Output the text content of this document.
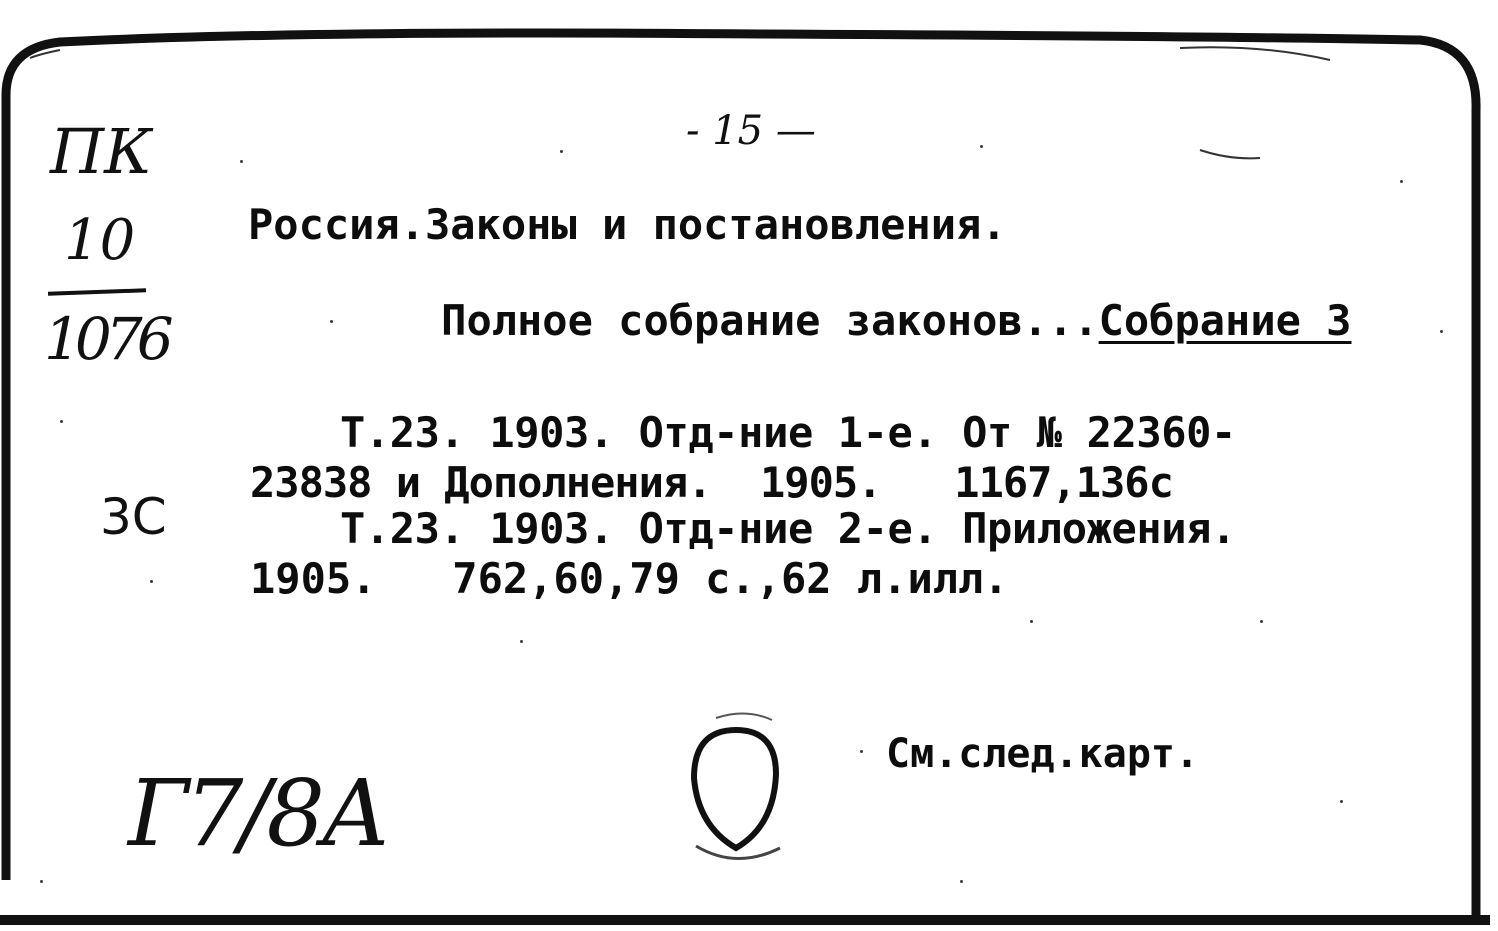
- 15 —
ПК
10
1076
3C
Г7/8А
Россия.Законы и постановления.

Полное собрание законов...Собрание 3

Т.23. 1903. Отд-ние 1-е. От № 22360-
23838 и Дополнения.  1905.   1167,136с
Т.23. 1903. Отд-ние 2-е. Приложения.
1905.   762,60,79 с.,62 л.илл.
См.след.карт.
